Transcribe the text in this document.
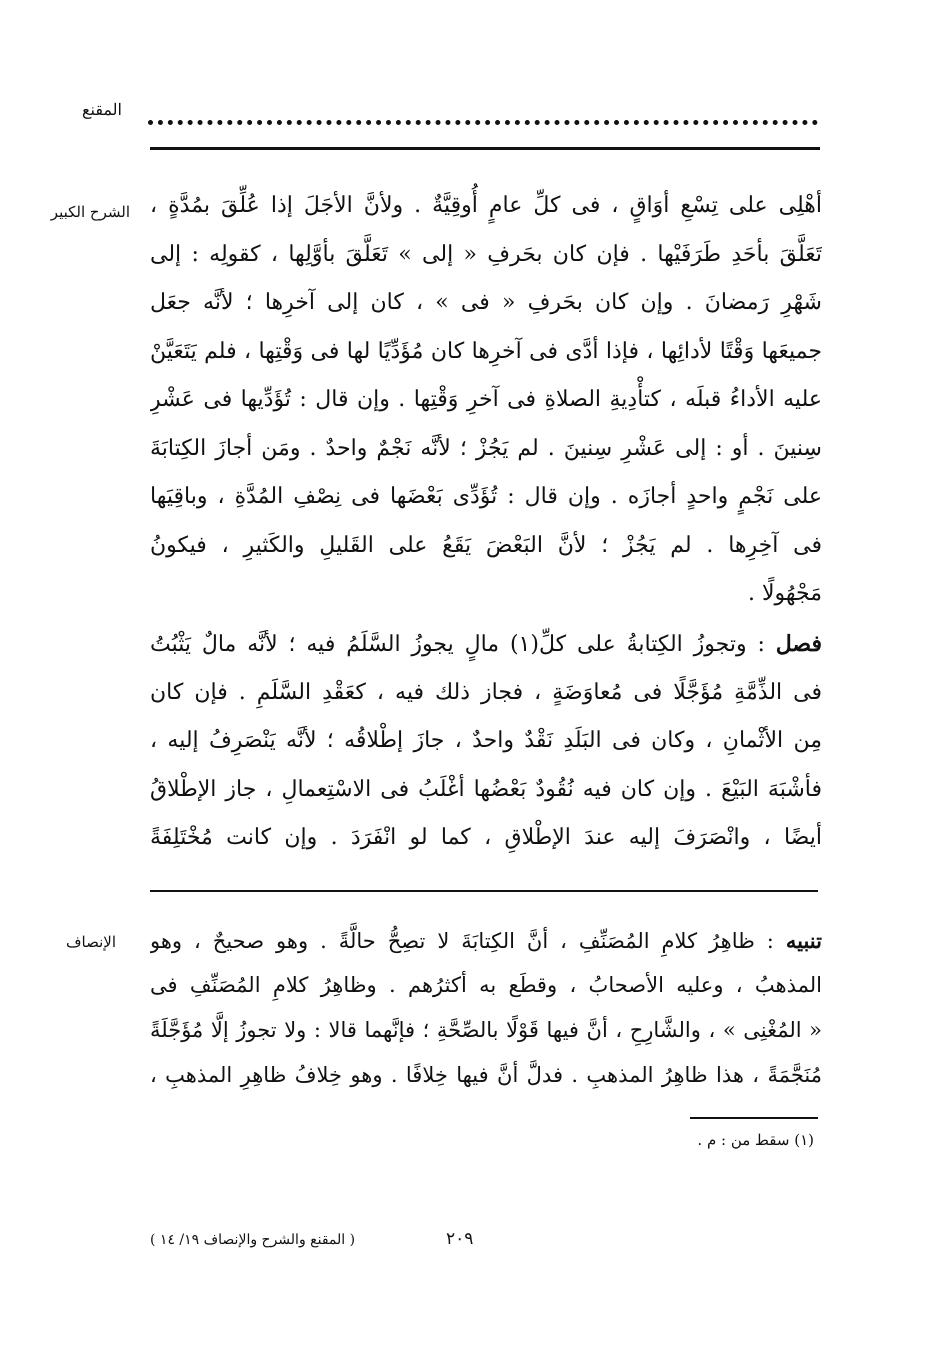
المقنع
الشرح الكبير أهْلِى على تِسْعِ أوَاقٍ ، فى كلِّ عامٍ أُوقِيَّةٌ . ولأنَّ الأجَلَ إذا عُلِّقَ بمُدَّةٍ ،
تَعَلَّقَ بأحَدِ طَرَفَيْها . فإن كان بحَرفِ « إلى » تَعَلَّقَ بأوَّلِها ، كقولِه : إلى
شَهْرِ رَمضانَ . وإن كان بحَرفِ « فى » ، كان إلى آخرِها ؛ لأنَّه جعَل
جميعَها وَقْتًا لأدائِها ، فإذا أدَّى فى آخرِها كان مُؤَدِّيًا لها فى وَقْتِها ، فلم يَتَعَيَّنْ
عليه الأداءُ قبلَه ، كتأْدِيةِ الصلاةِ فى آخرِ وَقْتِها . وإن قال : تُؤَدِّيها فى عَشْرِ
سِنينَ . أو : إلى عَشْرِ سِنينَ . لم يَجُزْ ؛ لأنَّه نَجْمٌ واحدٌ . ومَن أجازَ الكِتابَةَ
على نَجْمٍ واحدٍ أجازَه . وإن قال : تُؤَدِّى بَعْضَها فى نِصْفِ المُدَّةِ ، وباقِيَها
فى آخِرِها . لم يَجُزْ ؛ لأنَّ البَعْضَ يَقَعُ على القَليلِ والكَثيرِ ، فيكونُ
مَجْهُولًا .
فصل : وتجوزُ الكِتابةُ على كلِّ(١) مالٍ يجوزُ السَّلَمُ فيه ؛ لأنَّه مالٌ يَثْبُتُ
فى الذِّمَّةِ مُؤَجَّلًا فى مُعاوَضَةٍ ، فجاز ذلك فيه ، كعَقْدِ السَّلَمِ . فإن كان
مِن الأثْمانِ ، وكان فى البَلَدِ نَقْدٌ واحدٌ ، جازَ إطْلاقُه ؛ لأنَّه يَنْصَرِفُ إليه ،
فأشْبَهَ البَيْعَ . وإن كان فيه نُقُودٌ بَعْضُها أغْلَبُ فى الاسْتِعمالِ ، جاز الإطْلاقُ
أيضًا ، وانْصَرَفَ إليه عندَ الإطْلاقِ ، كما لو انْفَرَدَ . وإن كانت مُخْتَلِفَةً
الإنصاف	تنبيه : ظاهِرُ كلامِ المُصَنِّفِ ، أنَّ الكِتابَةَ لا تصِحُّ حالَّةً . وهو صحيحٌ ، وهو
المذهبُ ، وعليه الأصحابُ ، وقطَع به أكثرُهم . وظاهِرُ كلامِ المُصَنِّفِ فى
« المُغْنِى » ، والشَّارِحِ ، أنَّ فيها قَوْلًا بالصِّحَّةِ ؛ فإنَّهما قالا : ولا تجوزُ إلَّا مُؤَجَّلَةً
مُنَجَّمَةً ، هذا ظاهِرُ المذهبِ . فدلَّ أنَّ فيها خِلافًا . وهو خِلافُ ظاهِرِ المذهبِ ،
(١) سقط من : م .
٢٠٩
( المقنع والشرح والإنصاف ١٩/ ١٤ )
